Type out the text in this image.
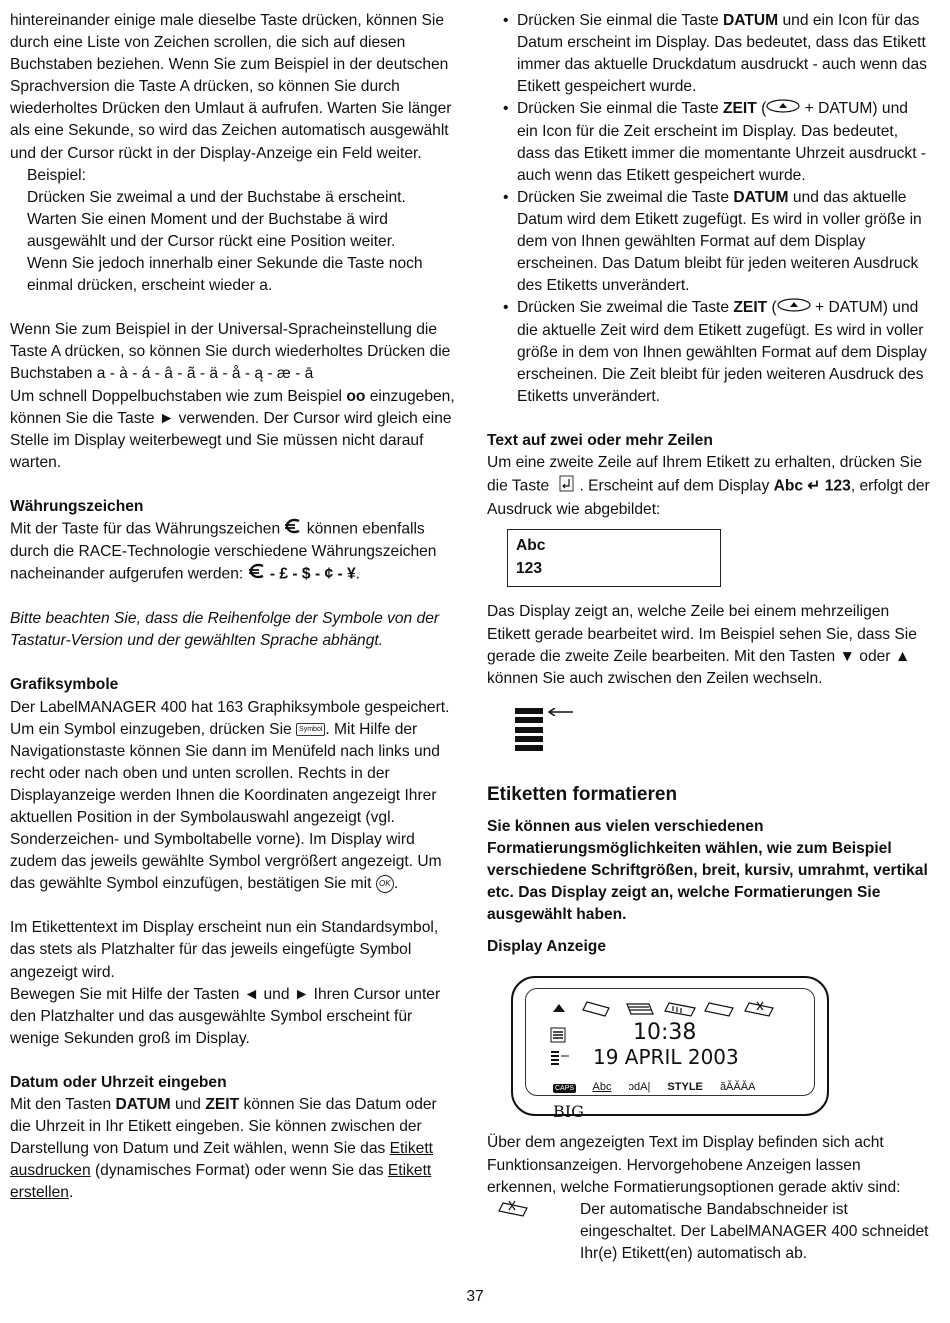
hintereinander einige male dieselbe Taste drücken, können Sie durch eine Liste von Zeichen scrollen, die sich auf diesen Buchstaben beziehen. Wenn Sie zum Beispiel in der deutschen Sprachversion die Taste A drücken, so können Sie durch wiederholtes Drücken den Umlaut ä aufrufen. Warten Sie länger als eine Sekunde, so wird das Zeichen automatisch ausgewählt und der Cursor rückt in der Display-Anzeige ein Feld weiter.

Beispiel:

Drücken Sie zweimal a und der Buchstabe ä erscheint.

Warten Sie einen Moment und der Buchstabe ä wird ausgewählt und der Cursor rückt eine Position weiter.

Wenn Sie jedoch innerhalb einer Sekunde die Taste noch einmal drücken, erscheint wieder a.

Wenn Sie zum Beispiel in der Universal-Spracheinstellung die Taste A drücken, so können Sie durch wiederholtes Drücken die Buchstaben a - à - á - â - ã - ä - å - ą - æ - ā

Um schnell Doppelbuchstaben wie zum Beispiel oo einzugeben, können Sie die Taste ► verwenden. Der Cursor wird gleich eine Stelle im Display weiterbewegt und Sie müssen nicht darauf warten.

Währungszeichen

Mit der Taste für das Währungszeichen  können ebenfalls durch die RACE-Technologie verschiedene Währungszeichen nacheinander aufgerufen werden:  - £ - $ - ¢ - ¥.

Bitte beachten Sie, dass die Reihenfolge der Symbole von der Tastatur-Version und der gewählten Sprache abhängt.

Grafiksymbole

Der LabelMANAGER 400 hat 163 Graphiksymbole gespeichert. Um ein Symbol einzugeben, drücken Sie Symbol . Mit Hilfe der Navigationstaste können Sie dann im Menüfeld nach links und recht oder nach oben und unten scrollen. Rechts in der Displayanzeige werden Ihnen die Koordinaten angezeigt Ihrer aktuellen Position in der Symbolauswahl angezeigt (vgl. Sonderzeichen- und Symboltabelle vorne). Im Display wird zudem das jeweils gewählte Symbol vergrößert angezeigt. Um das gewählte Symbol einzufügen, bestätigen Sie mit OK .

Im Etikettentext im Display erscheint nun ein Standardsymbol, das stets als Platzhalter für das jeweils eingefügte Symbol angezeigt wird.

Bewegen Sie mit Hilfe der Tasten ◄ und ► Ihren Cursor unter den Platzhalter und das ausgewählte Symbol erscheint für wenige Sekunden groß im Display.

Datum oder Uhrzeit eingeben

Mit den Tasten DATUM und ZEIT können Sie das Datum oder die Uhrzeit in Ihr Etikett eingeben. Sie können zwischen der Darstellung von Datum und Zeit wählen, wenn Sie das Etikett ausdrucken (dynamisches Format) oder wenn Sie das Etikett erstellen.

• Drücken Sie einmal die Taste DATUM und ein Icon für das Datum erscheint im Display. Das bedeutet, dass das Etikett immer das aktuelle Druckdatum ausdruckt - auch wenn das Etikett gespeichert wurde.

• Drücken Sie einmal die Taste ZEIT ( + DATUM) und ein Icon für die Zeit erscheint im Display. Das bedeutet, dass das Etikett immer die momentante Uhrzeit ausdruckt - auch wenn das Etikett gespeichert wurde.

• Drücken Sie zweimal die Taste DATUM und das aktuelle Datum wird dem Etikett zugefügt. Es wird in voller größe in dem von Ihnen gewählten Format auf dem Display erscheinen. Das Datum bleibt für jeden weiteren Ausdruck des Etiketts unverändert.

• Drücken Sie zweimal die Taste ZEIT ( + DATUM) und die aktuelle Zeit wird dem Etikett zugefügt. Es wird in voller größe in dem von Ihnen gewählten Format auf dem Display erscheinen. Die Zeit bleibt für jeden weiteren Ausdruck des Etiketts unverändert.

Text auf zwei oder mehr Zeilen

Um eine zweite Zeile auf Ihrem Etikett zu erhalten, drücken Sie die Taste . Erscheint auf dem Display Abc ↵ 123, erfolgt der Ausdruck wie abgebildet:

Abc
123

Das Display zeigt an, welche Zeile bei einem mehrzeiligen Etikett gerade bearbeitet wird. Im Beispiel sehen Sie, dass Sie gerade die zweite Zeile bearbeiten. Mit den Tasten ▼ oder ▲ können Sie auch zwischen den Zeilen wechseln.

Etiketten formatieren

Sie können aus vielen verschiedenen Formatierungsmöglichkeiten wählen, wie zum Beispiel verschiedene Schriftgrößen, breit, kursiv, umrahmt, vertikal etc. Das Display zeigt an, welche Formatierungen Sie ausgewählt haben.

Display Anzeige

10:38
19 APRIL 2003
CAPS Abc ɔdA| STYLE ăĂĂĂA BIG

Über dem angezeigten Text im Display befinden sich acht Funktionsanzeigen. Hervorgehobene Anzeigen lassen erkennen, welche Formatierungsoptionen gerade aktiv sind:

Der automatische Bandabschneider ist eingeschaltet. Der LabelMANAGER 400 schneidet Ihr(e) Etikett(en) automatisch ab.

37
